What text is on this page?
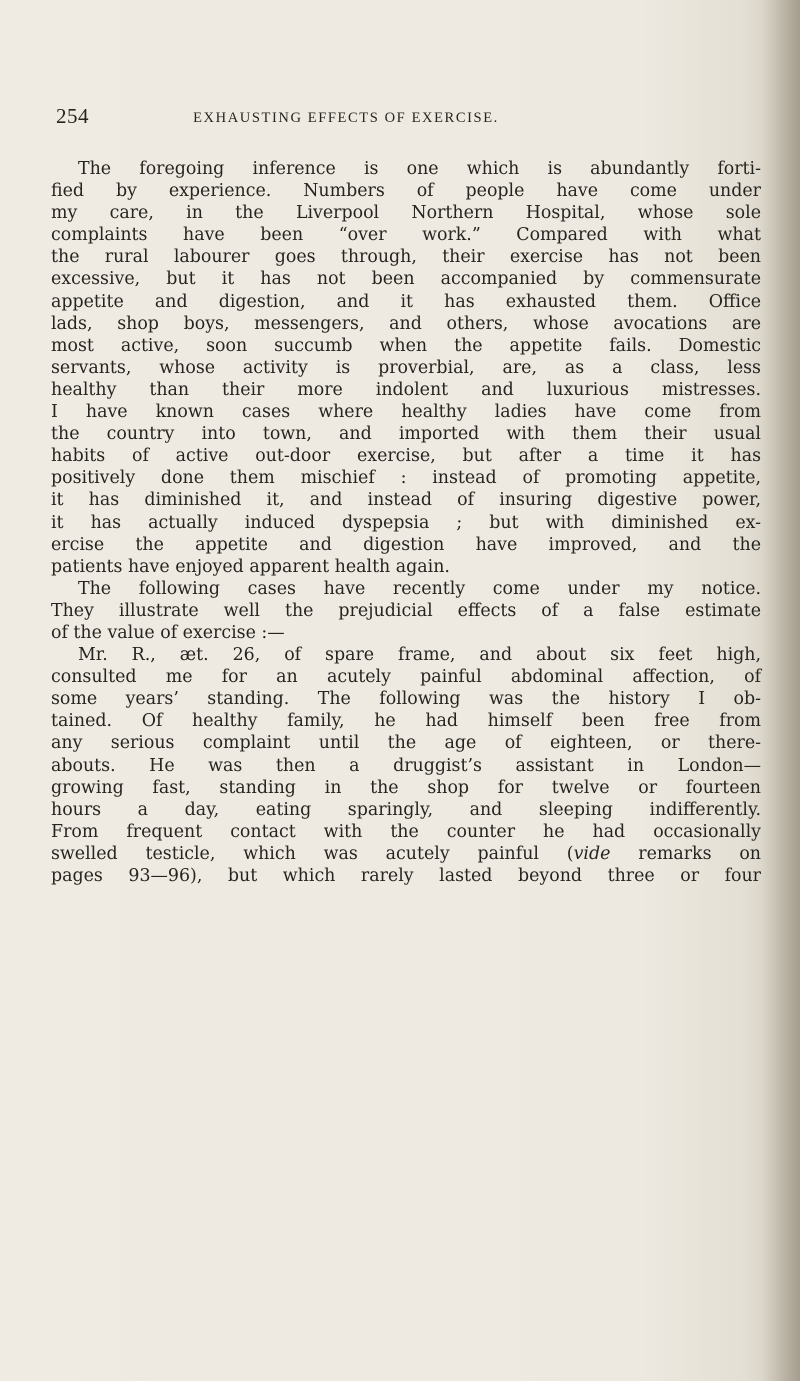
254	EXHAUSTING EFFECTS OF EXERCISE.
The foregoing inference is one which is abundantly forti-
fied by experience. Numbers of people have come under
my care, in the Liverpool Northern Hospital, whose sole
complaints have been “over work.” Compared with what
the rural labourer goes through, their exercise has not been
excessive, but it has not been accompanied by commensurate
appetite and digestion, and it has exhausted them. Office
lads, shop boys, messengers, and others, whose avocations are
most active, soon succumb when the appetite fails. Domestic
servants, whose activity is proverbial, are, as a class, less
healthy than their more indolent and luxurious mistresses.
I have known cases where healthy ladies have come from
the country into town, and imported with them their usual
habits of active out-door exercise, but after a time it has
positively done them mischief : instead of promoting appetite,
it has diminished it, and instead of insuring digestive power,
it has actually induced dyspepsia ; but with diminished ex-
ercise the appetite and digestion have improved, and the
patients have enjoyed apparent health again.
The following cases have recently come under my notice.
They illustrate well the prejudicial effects of a false estimate
of the value of exercise :—
Mr. R., æt. 26, of spare frame, and about six feet high,
consulted me for an acutely painful abdominal affection, of
some years’ standing. The following was the history I ob-
tained. Of healthy family, he had himself been free from
any serious complaint until the age of eighteen, or there-
abouts. He was then a druggist’s assistant in London—
growing fast, standing in the shop for twelve or fourteen
hours a day, eating sparingly, and sleeping indifferently.
From frequent contact with the counter he had occasionally
swelled testicle, which was acutely painful (vide remarks on
pages 93—96), but which rarely lasted beyond three or four
